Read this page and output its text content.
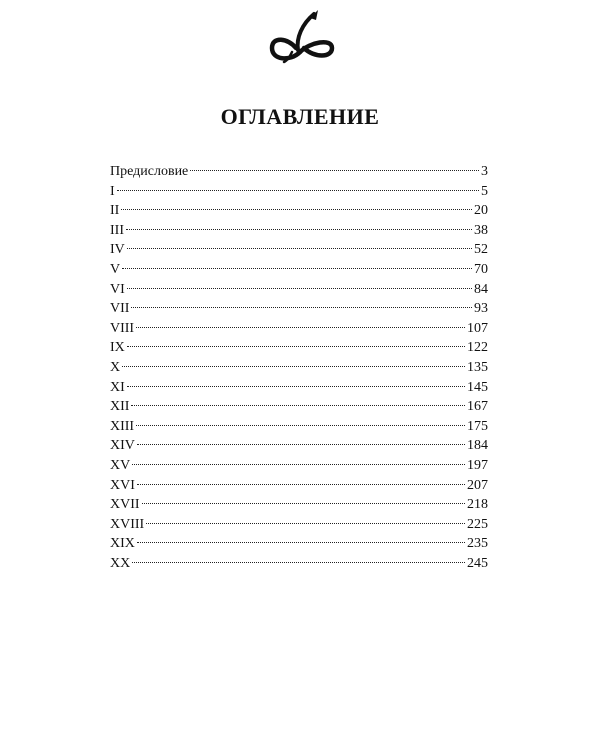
ОГЛАВЛЕНИЕ
Предисловие	3
I	5
II	20
III	38
IV	52
V	70
VI	84
VII	93
VIII	107
IX	122
X	135
XI	145
XII	167
XIII	175
XIV	184
XV	197
XVI	207
XVII	218
XVIII	225
XIX	235
XX	245
